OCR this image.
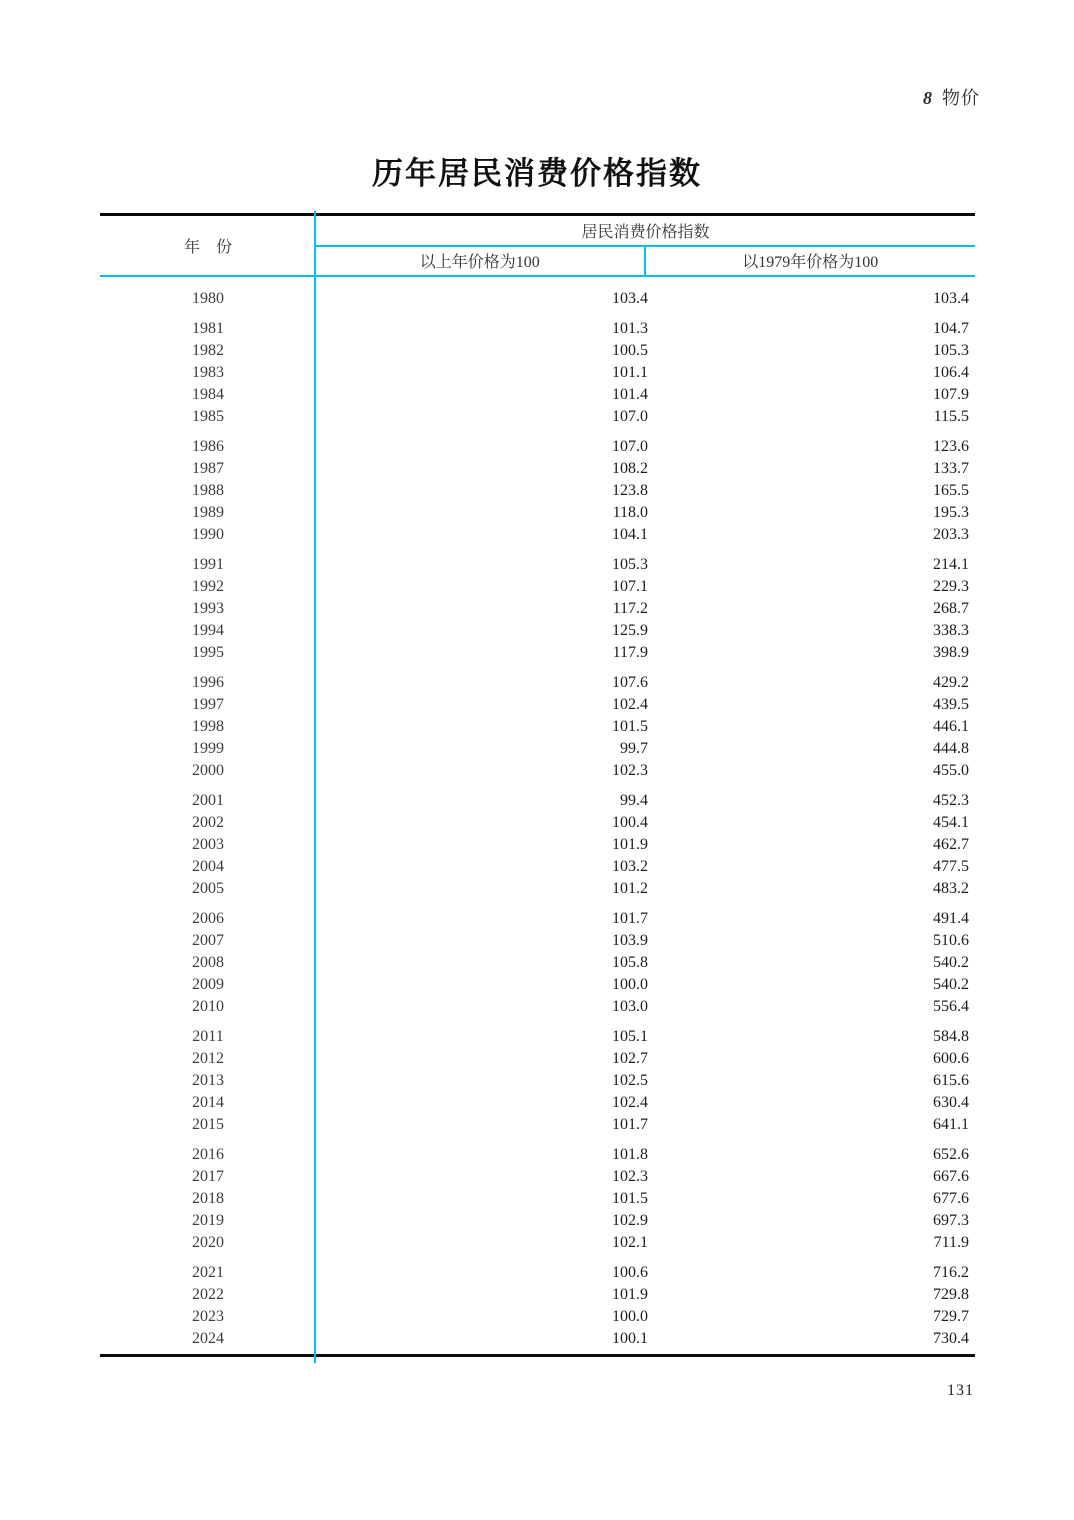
8 物价
历年居民消费价格指数
年　份
居民消费价格指数
以上年价格为100	以1979年价格为100
1980	103.4	103.4
1981	101.3	104.7
1982	100.5	105.3
1983	101.1	106.4
1984	101.4	107.9
1985	107.0	115.5
1986	107.0	123.6
1987	108.2	133.7
1988	123.8	165.5
1989	118.0	195.3
1990	104.1	203.3
1991	105.3	214.1
1992	107.1	229.3
1993	117.2	268.7
1994	125.9	338.3
1995	117.9	398.9
1996	107.6	429.2
1997	102.4	439.5
1998	101.5	446.1
1999	99.7	444.8
2000	102.3	455.0
2001	99.4	452.3
2002	100.4	454.1
2003	101.9	462.7
2004	103.2	477.5
2005	101.2	483.2
2006	101.7	491.4
2007	103.9	510.6
2008	105.8	540.2
2009	100.0	540.2
2010	103.0	556.4
2011	105.1	584.8
2012	102.7	600.6
2013	102.5	615.6
2014	102.4	630.4
2015	101.7	641.1
2016	101.8	652.6
2017	102.3	667.6
2018	101.5	677.6
2019	102.9	697.3
2020	102.1	711.9
2021	100.6	716.2
2022	101.9	729.8
2023	100.0	729.7
2024	100.1	730.4
131
